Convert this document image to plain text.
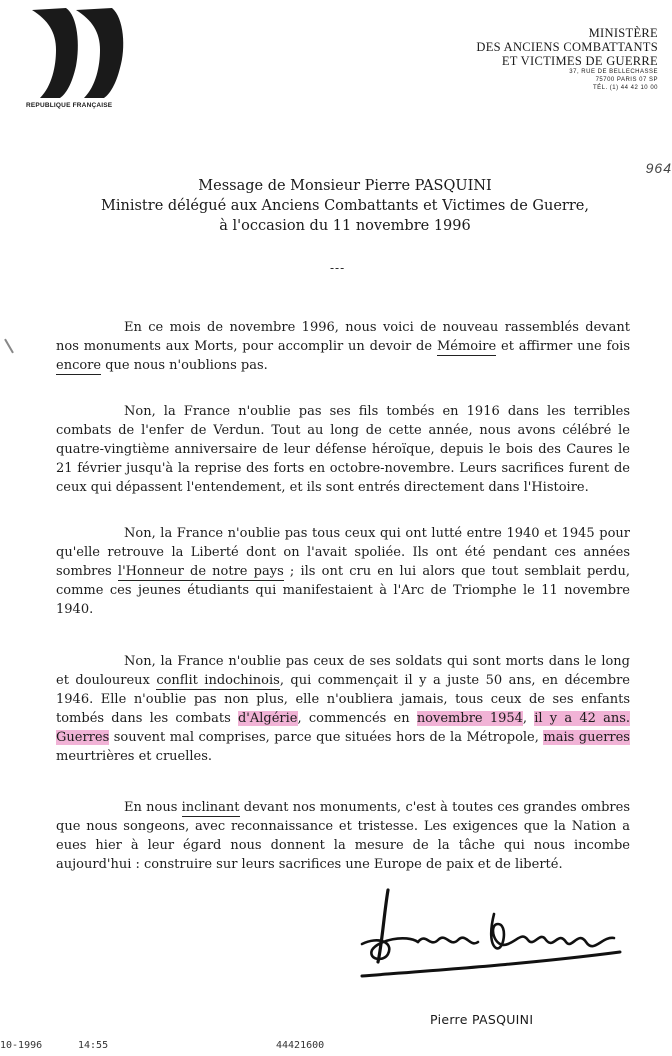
REPUBLIQUE FRANÇAISE
MINISTÈRE
DES ANCIENS COMBATTANTS
ET VICTIMES DE GUERRE
37, RUE DE BELLECHASSE
75700 PARIS 07 SP
TÉL. (1) 44 42 10 00
964
Message de Monsieur Pierre PASQUINI
Ministre délégué aux Anciens Combattants et Victimes de Guerre,
à l'occasion du 11 novembre 1996
---
En ce mois de novembre 1996, nous voici de nouveau rassemblés devant nos monuments aux Morts, pour accomplir un devoir de Mémoire et affirmer une fois encore que nous n'oublions pas.
Non, la France n'oublie pas ses fils tombés en 1916 dans les terribles combats de l'enfer de Verdun. Tout au long de cette année, nous avons célébré le quatre-vingtième anniversaire de leur défense héroïque, depuis le bois des Caures le 21 février jusqu'à la reprise des forts en octobre-novembre. Leurs sacrifices furent de ceux qui dépassent l'entendement, et ils sont entrés directement dans l'Histoire.
Non, la France n'oublie pas tous ceux qui ont lutté entre 1940 et 1945 pour qu'elle retrouve la Liberté dont on l'avait spoliée. Ils ont été pendant ces années sombres l'Honneur de notre pays ; ils ont cru en lui alors que tout semblait perdu, comme ces jeunes étudiants qui manifestaient à l'Arc de Triomphe le 11 novembre 1940.
Non, la France n'oublie pas ceux de ses soldats qui sont morts dans le long et douloureux conflit indochinois, qui commençait il y a juste 50 ans, en décembre 1946. Elle n'oublie pas non plus, elle n'oubliera jamais, tous ceux de ses enfants tombés dans les combats d'Algérie, commencés en novembre 1954, il y a 42 ans. Guerres souvent mal comprises, parce que situées hors de la Métropole, mais guerres meurtrières et cruelles.
En nous inclinant devant nos monuments, c'est à toutes ces grandes ombres que nous songeons, avec reconnaissance et tristesse. Les exigences que la Nation a eues hier à leur égard nous donnent la mesure de la tâche qui nous incombe aujourd'hui : construire sur leurs sacrifices une Europe de paix et de liberté.
Pierre PASQUINI
10-1996	14:55	44421600
